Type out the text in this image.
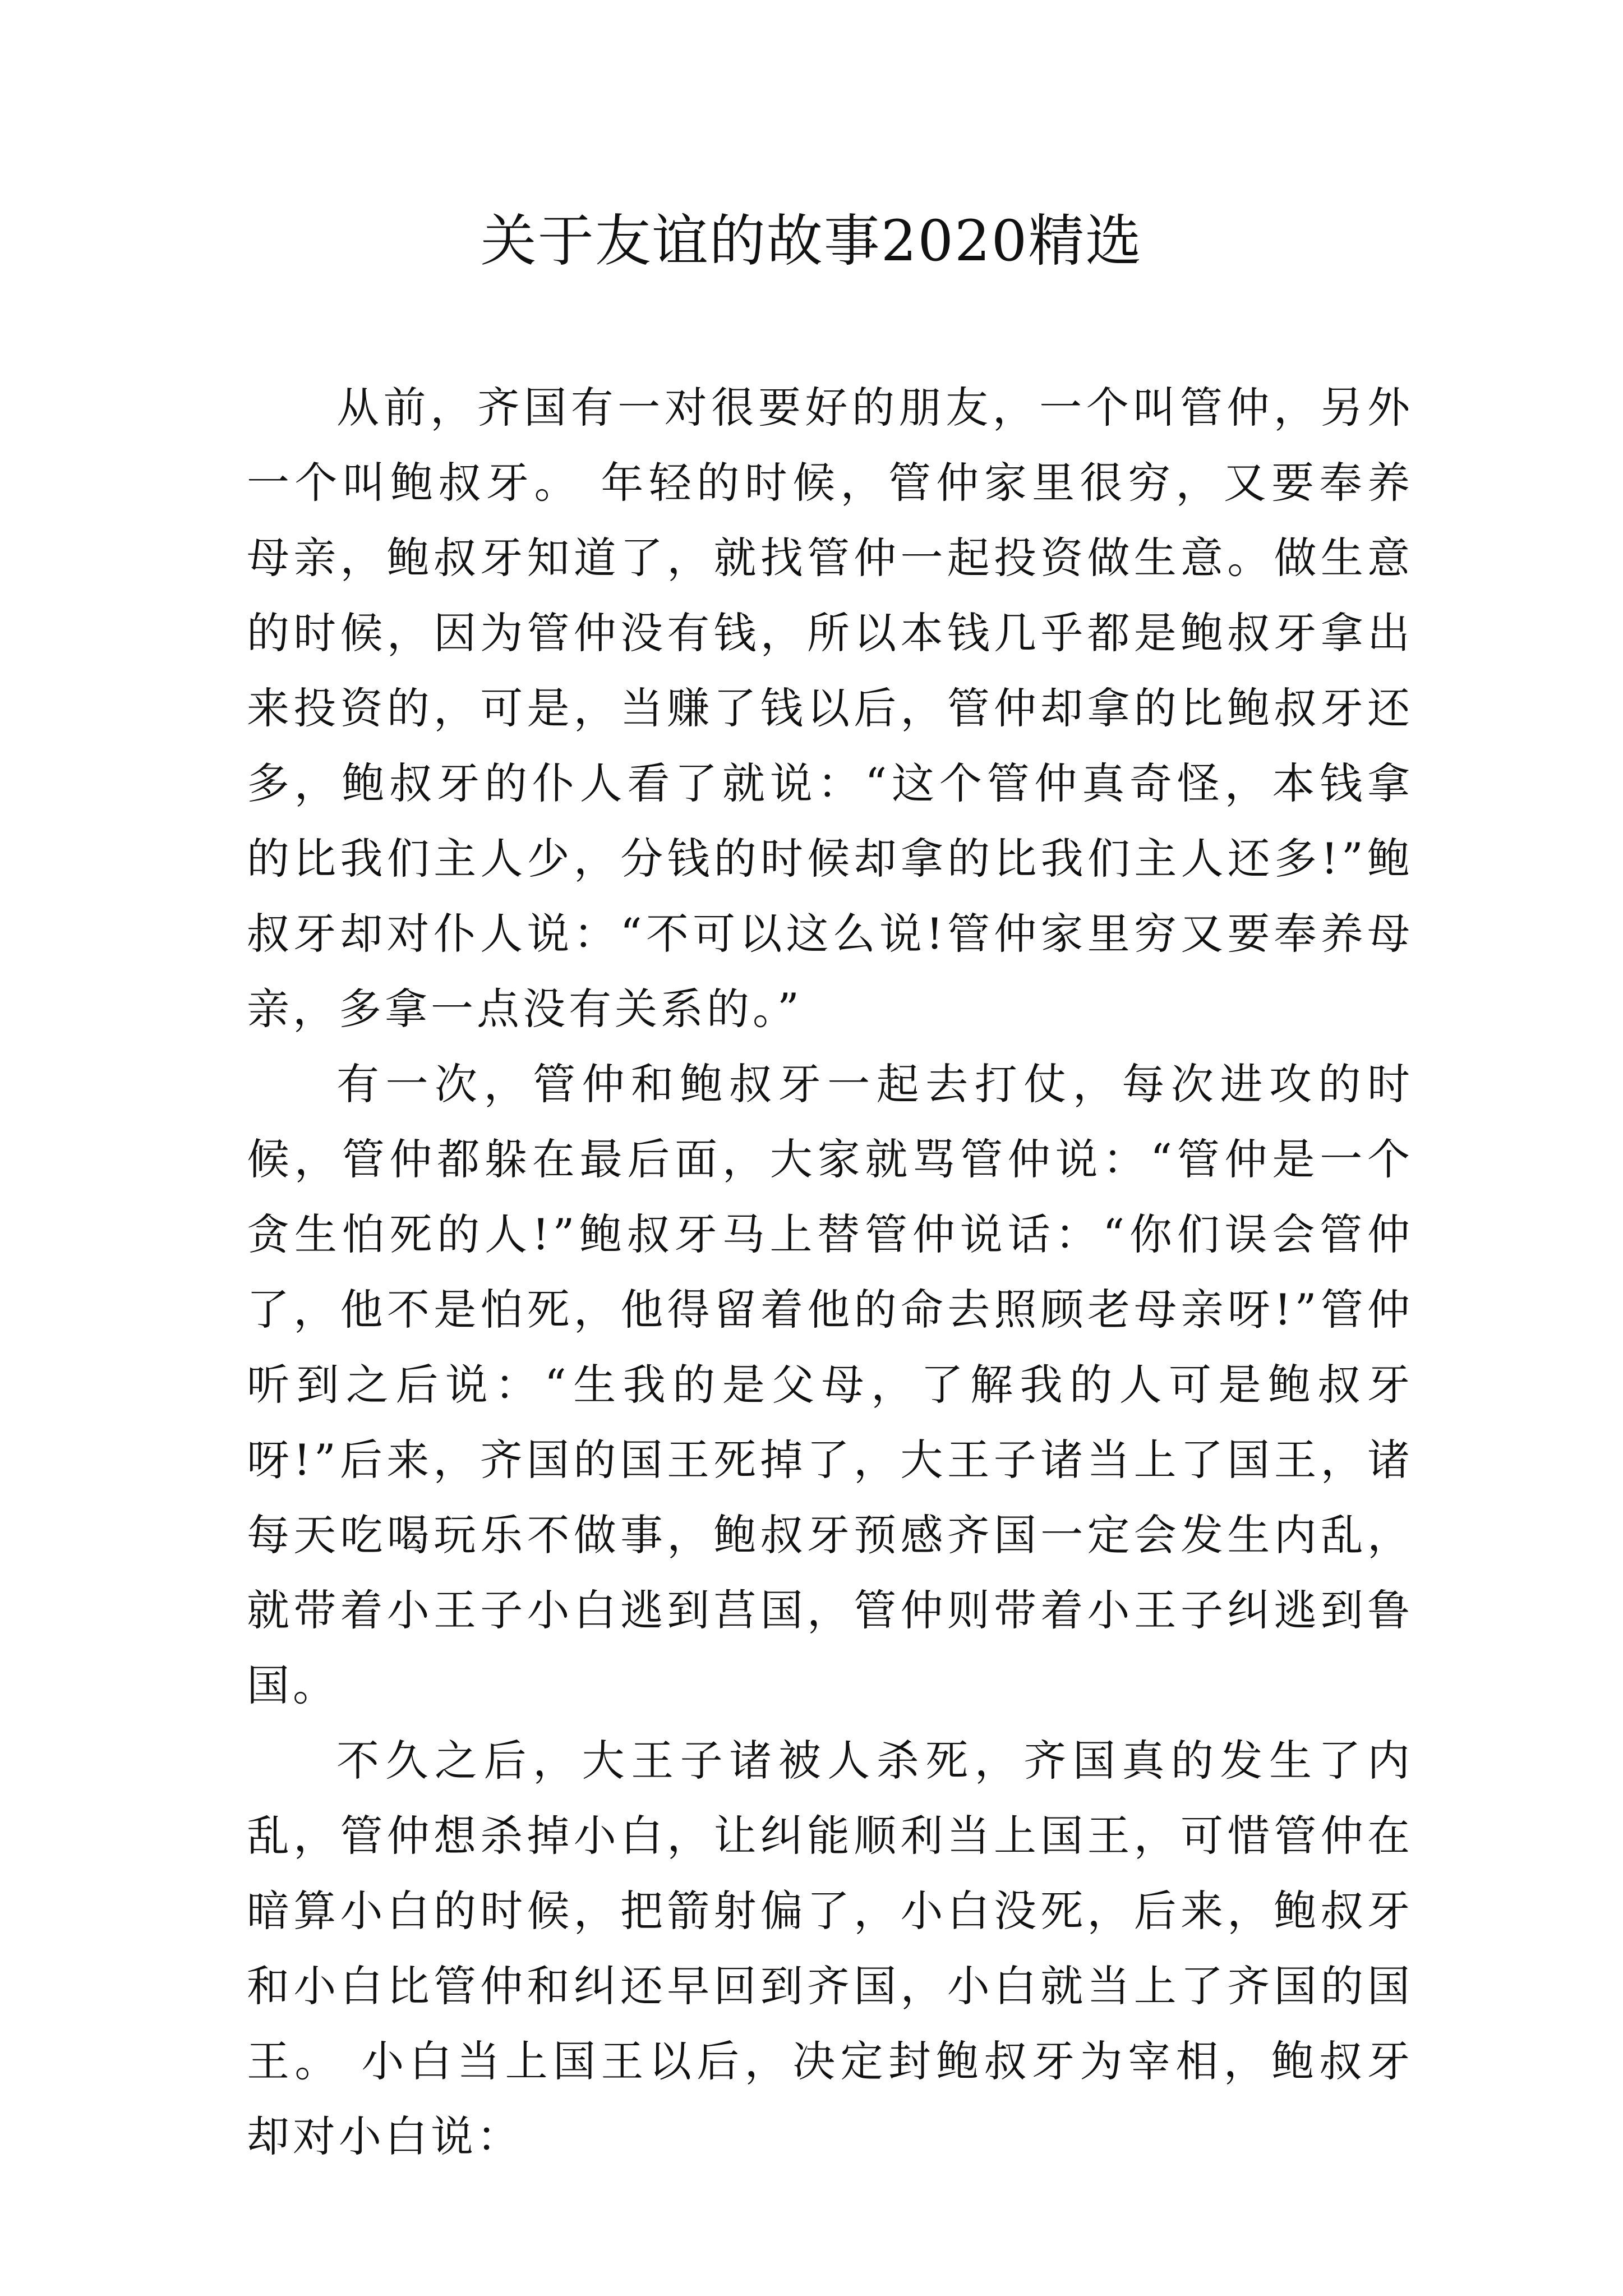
关于友谊的故事2020精选

从前，齐国有一对很要好的朋友，一个叫管仲，另外一个叫鲍叔牙。 年轻的时候，管仲家里很穷，又要奉养母亲，鲍叔牙知道了，就找管仲一起投资做生意。做生意的时候，因为管仲没有钱，所以本钱几乎都是鲍叔牙拿出来投资的，可是，当赚了钱以后，管仲却拿的比鲍叔牙还多，鲍叔牙的仆人看了就说：“这个管仲真奇怪，本钱拿的比我们主人少，分钱的时候却拿的比我们主人还多!”鲍叔牙却对仆人说：“不可以这么说!管仲家里穷又要奉养母亲，多拿一点没有关系的。”

有一次，管仲和鲍叔牙一起去打仗，每次进攻的时候，管仲都躲在最后面，大家就骂管仲说：“管仲是一个贪生怕死的人!”鲍叔牙马上替管仲说话：“你们误会管仲了，他不是怕死，他得留着他的命去照顾老母亲呀!”管仲听到之后说：“生我的是父母，了解我的人可是鲍叔牙呀!”后来，齐国的国王死掉了，大王子诸当上了国王，诸每天吃喝玩乐不做事，鲍叔牙预感齐国一定会发生内乱，就带着小王子小白逃到莒国，管仲则带着小王子纠逃到鲁国。

不久之后，大王子诸被人杀死，齐国真的发生了内乱，管仲想杀掉小白，让纠能顺利当上国王，可惜管仲在暗算小白的时候，把箭射偏了，小白没死，后来，鲍叔牙和小白比管仲和纠还早回到齐国，小白就当上了齐国的国王。 小白当上国王以后，决定封鲍叔牙为宰相，鲍叔牙却对小白说：
